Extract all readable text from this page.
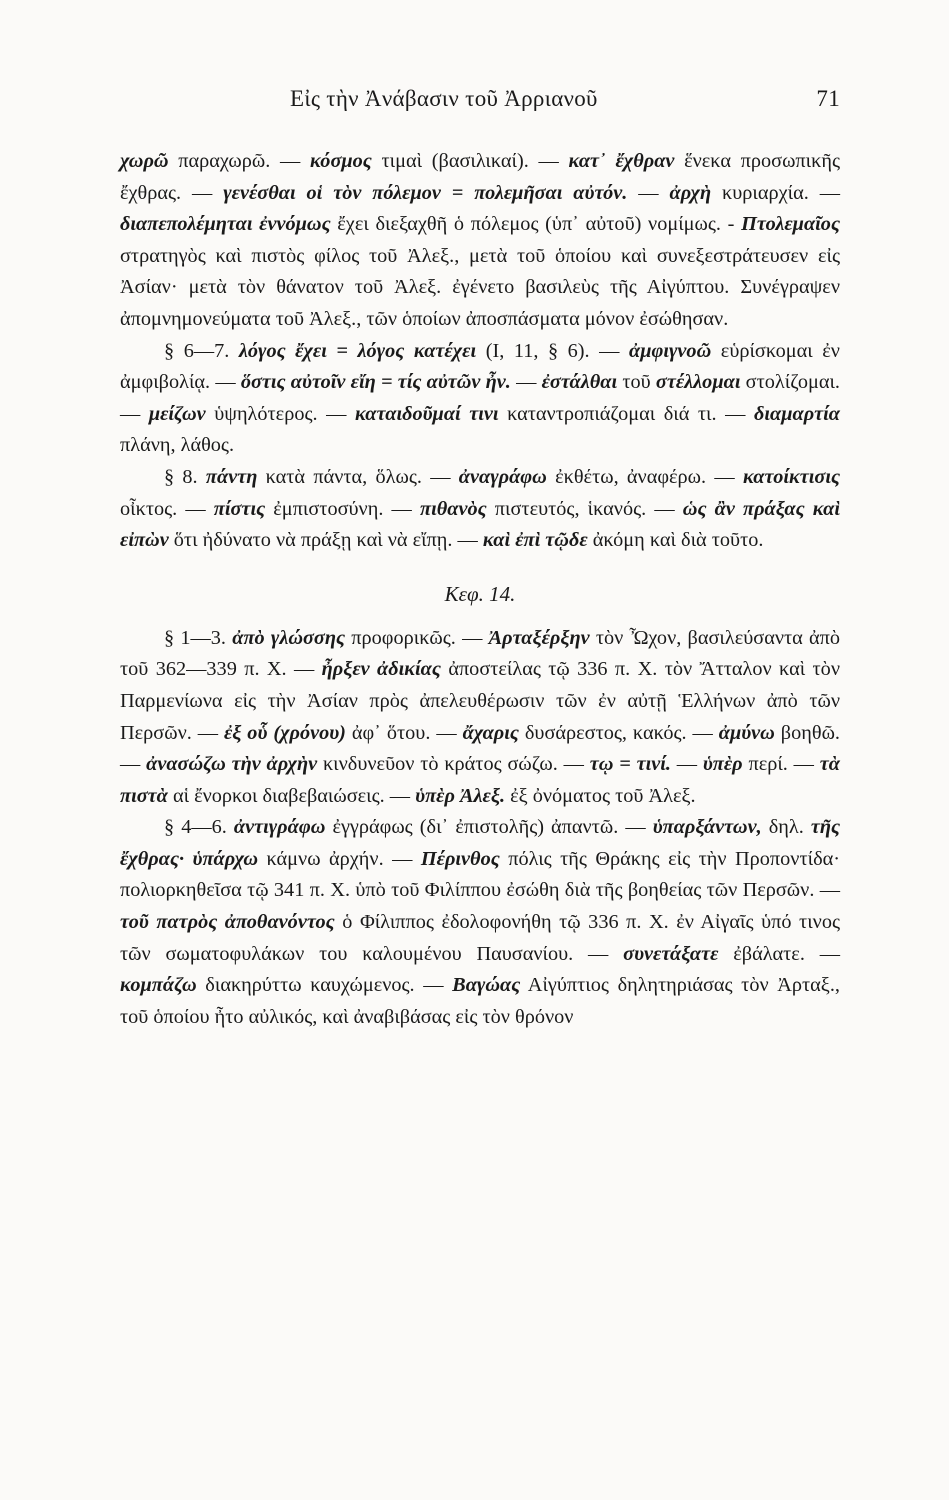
Εἰς τὴν Ἀνάβασιν τοῦ Ἀρριανοῦ	71

χωρῶ παραχωρῶ. — κόσμος τιμαὶ (βασιλικαί). — κατ᾿ ἔχθραν ἕνεκα προσωπικῆς ἔχθρας. — γενέσθαι οἱ τὸν πόλεμον = πολεμῆσαι αὐτόν. — ἀρχὴ κυριαρχία. — διαπεπολέμηται ἐννόμως ἔχει διεξαχθῆ ὁ πόλεμος (ὑπ᾿ αὐτοῦ) νομίμως. - Πτολεμαῖος στρατηγὸς καὶ πιστὸς φίλος τοῦ Ἀλεξ., μετὰ τοῦ ὁποίου καὶ συνεξεστράτευσεν εἰς Ἀσίαν· μετὰ τὸν θάνατον τοῦ Ἀλεξ. ἐγένετο βασιλεὺς τῆς Αἰγύπτου. Συνέγραψεν ἀπομνημονεύματα τοῦ Ἀλεξ., τῶν ὁποίων ἀποσπάσματα μόνον ἐσώθησαν.

§ 6—7. λόγος ἔχει = λόγος κατέχει (I, 11, § 6). — ἀμφιγνοῶ εὑρίσκομαι ἐν ἀμφιβολίᾳ. — ὅστις αὐτοῖν εἴη = τίς αὐτῶν ἦν. — ἐστάλθαι τοῦ στέλλομαι στολίζομαι. — μείζων ὑψηλότερος. — καταιδοῦμαί τινι καταντροπιάζομαι διά τι. — διαμαρτία πλάνη, λάθος.

§ 8. πάντη κατὰ πάντα, ὅλως. — ἀναγράφω ἐκθέτω, ἀναφέρω. — κατοίκτισις οἶκτος. — πίστις ἐμπιστοσύνη. — πιθανὸς πιστευτός, ἱκανός. — ὡς ἂν πράξας καὶ εἰπὼν ὅτι ἠδύνατο νὰ πράξῃ καὶ νὰ εἴπῃ. — καὶ ἐπὶ τῷδε ἀκόμη καὶ διὰ τοῦτο.

Κεφ. 14.

§ 1—3. ἀπὸ γλώσσης προφορικῶς. — Ἀρταξέρξην τὸν Ὦχον, βασιλεύσαντα ἀπὸ τοῦ 362—339 π. Χ. — ἦρξεν ἀδικίας ἀποστείλας τῷ 336 π. Χ. τὸν Ἄτταλον καὶ τὸν Παρμενίωνα εἰς τὴν Ἀσίαν πρὸς ἀπελευθέρωσιν τῶν ἐν αὐτῇ Ἑλλήνων ἀπὸ τῶν Περσῶν. — ἐξ οὗ (χρόνου) ἀφ᾿ ὅτου. — ἄχαρις δυσάρεστος, κακός. — ἀμύνω βοηθῶ. — ἀνασώζω τὴν ἀρχὴν κινδυνεῦον τὸ κράτος σώζω. — τῳ = τινί. — ὑπὲρ περί. — τὰ πιστὰ αἱ ἔνορκοι διαβεβαιώσεις. — ὑπὲρ Ἀλεξ. ἐξ ὀνόματος τοῦ Ἀλεξ.

§ 4—6. ἀντιγράφω ἐγγράφως (δι᾿ ἐπιστολῆς) ἀπαντῶ. — ὑπαρξάντων, δηλ. τῆς ἔχθρας· ὑπάρχω κάμνω ἀρχήν. — Πέρινθος πόλις τῆς Θράκης εἰς τὴν Προποντίδα· πολιορκηθεῖσα τῷ 341 π. Χ. ὑπὸ τοῦ Φιλίππου ἐσώθη διὰ τῆς βοηθείας τῶν Περσῶν. — τοῦ πατρὸς ἀποθανόντος ὁ Φίλιππος ἐδολοφονήθη τῷ 336 π. Χ. ἐν Αἰγαῖς ὑπό τινος τῶν σωματοφυλάκων του καλουμένου Παυσανίου. — συνετάξατε ἐβάλατε. — κομπάζω διακηρύττω καυχώμενος. — Βαγώας Αἰγύπτιος δηλητηριάσας τὸν Ἀρταξ., τοῦ ὁποίου ἦτο αὐλικός, καὶ ἀναβιβάσας εἰς τὸν θρόνον
